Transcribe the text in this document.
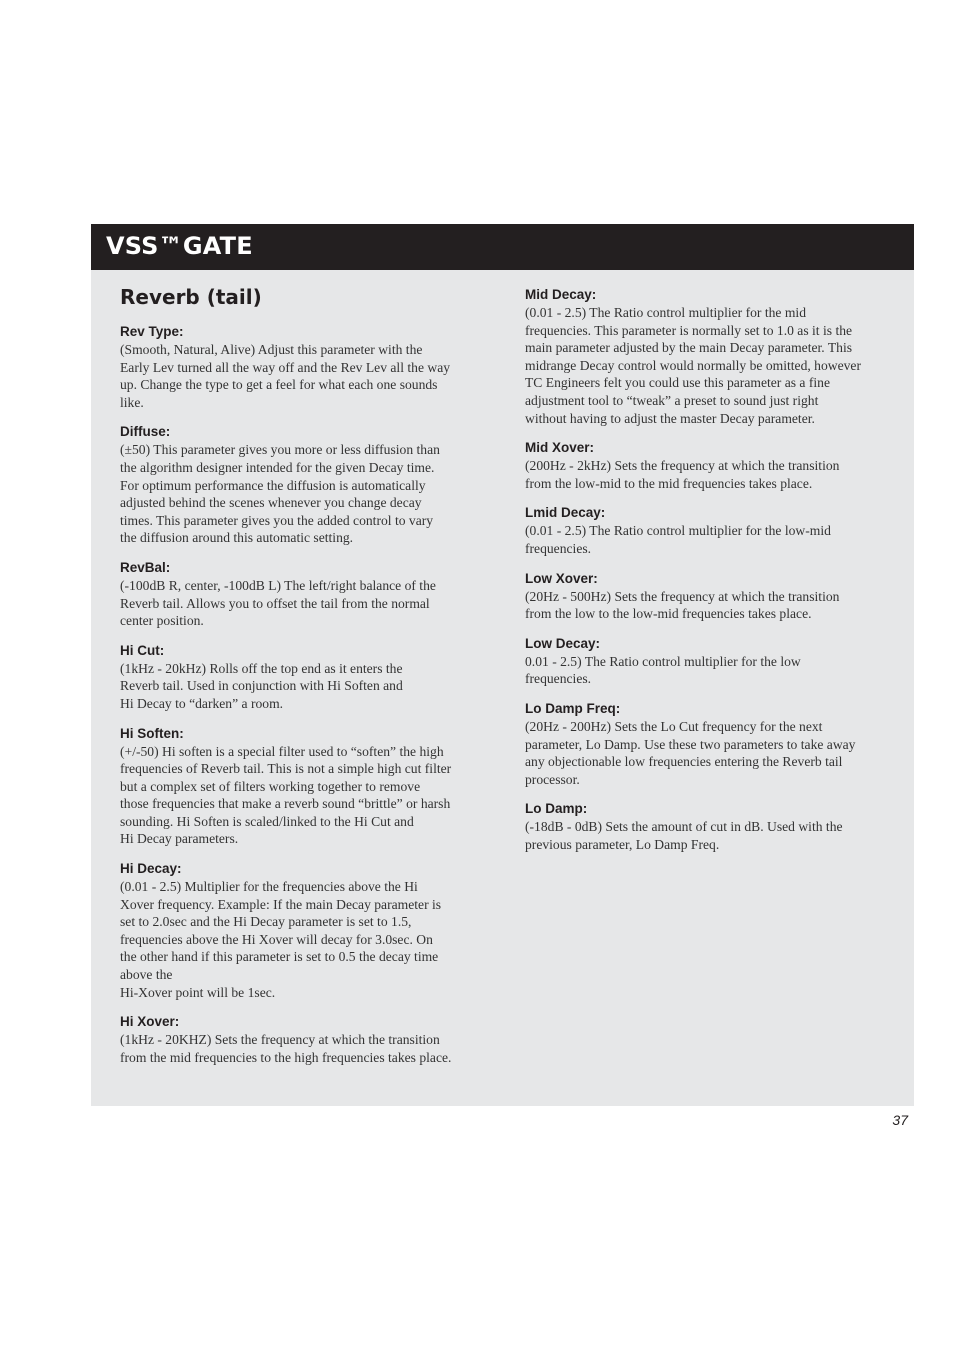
VSS™GATE
Reverb (tail)
Rev Type:
(Smooth, Natural, Alive) Adjust this parameter with the
Early Lev turned all the way off and the Rev Lev all the way
up. Change the type to get a feel for what each one sounds
like.
Diffuse:
(±50) This parameter gives you more or less diffusion than
the algorithm designer intended for the given Decay time.
For optimum performance the diffusion is automatically
adjusted behind the scenes whenever you change decay
times. This parameter gives you the added control to vary
the diffusion around this automatic setting.
RevBal:
(-100dB R, center, -100dB L) The left/right balance of the
Reverb tail. Allows you to offset the tail from the normal
center position.
Hi Cut:
(1kHz - 20kHz) Rolls off the top end as it enters the
Reverb tail. Used in conjunction with Hi Soften and
Hi Decay to “darken” a room.
Hi Soften:
(+/-50) Hi soften is a special filter used to “soften” the high
frequencies of Reverb tail. This is not a simple high cut filter
but a complex set of filters working together to remove
those frequencies that make a reverb sound “brittle” or harsh
sounding. Hi Soften is scaled/linked to the Hi Cut and
Hi Decay parameters.
Hi Decay:
(0.01 - 2.5) Multiplier for the frequencies above the Hi
Xover frequency. Example: If the main Decay parameter is
set to 2.0sec and the Hi Decay parameter is set to 1.5,
frequencies above the Hi Xover will decay for 3.0sec. On
the other hand if this parameter is set to 0.5 the decay time
above the
Hi-Xover point will be 1sec.
Hi Xover:
(1kHz - 20KHZ) Sets the frequency at which the transition
from the mid frequencies to the high frequencies takes place.
Mid Decay:
(0.01 - 2.5) The Ratio control multiplier for the mid
frequencies. This parameter is normally set to 1.0 as it is the
main parameter adjusted by the main Decay parameter. This
midrange Decay control would normally be omitted, however
TC Engineers felt you could use this parameter as a fine
adjustment tool to “tweak” a preset to sound just right
without having to adjust the master Decay parameter.
Mid Xover:
(200Hz - 2kHz) Sets the frequency at which the transition
from the low-mid to the mid frequencies takes place.
Lmid Decay:
(0.01 - 2.5) The Ratio control multiplier for the low-mid
frequencies.
Low Xover:
(20Hz - 500Hz) Sets the frequency at which the transition
from the low to the low-mid frequencies takes place.
Low Decay:
0.01 - 2.5) The Ratio control multiplier for the low
frequencies.
Lo Damp Freq:
(20Hz - 200Hz) Sets the Lo Cut frequency for the next
parameter, Lo Damp. Use these two parameters to take away
any objectionable low frequencies entering the Reverb tail
processor.
Lo Damp:
(-18dB - 0dB) Sets the amount of cut in dB. Used with the
previous parameter, Lo Damp Freq.
37
